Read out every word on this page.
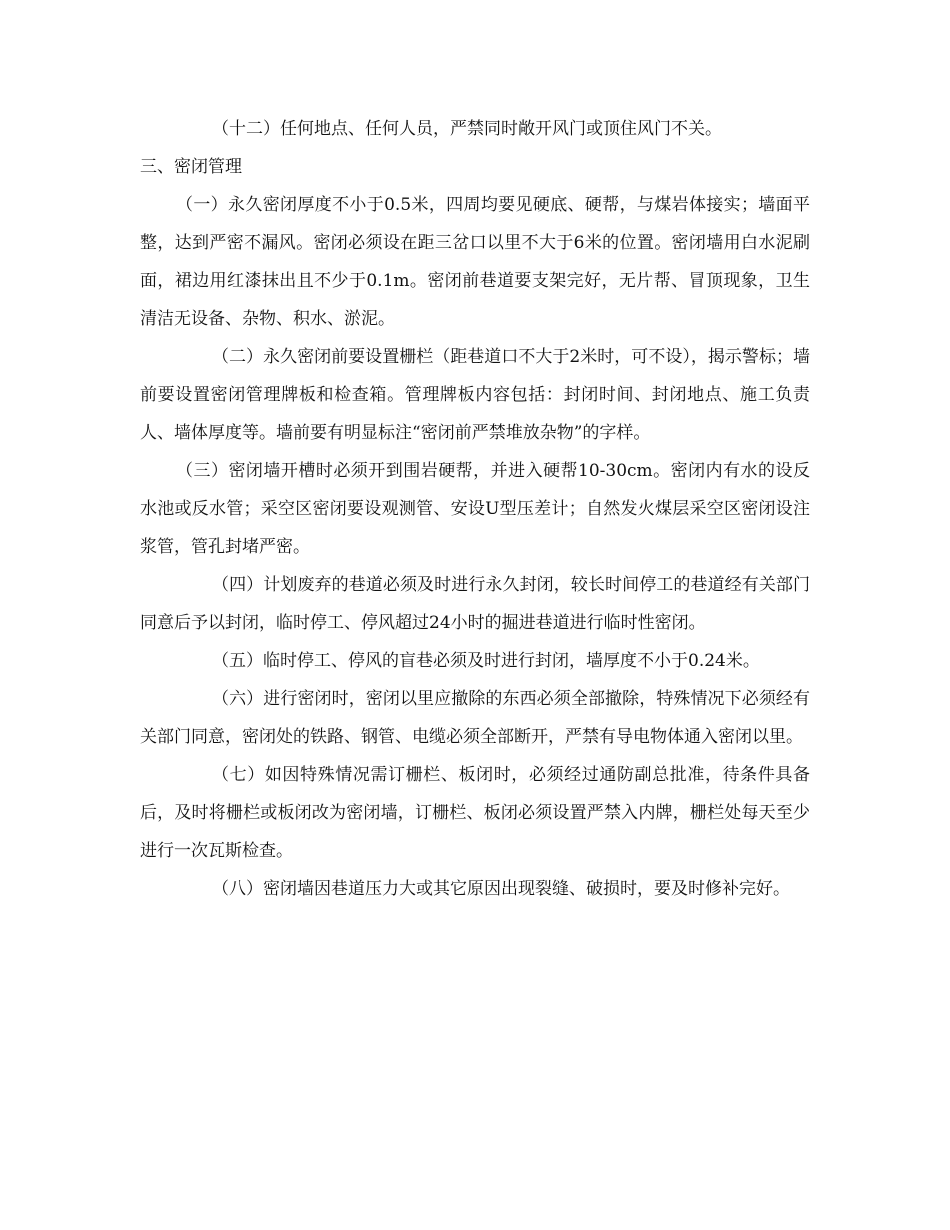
（十二）任何地点、任何人员，严禁同时敞开风门或顶住风门不关。

三、密闭管理

（一）永久密闭厚度不小于0.5米，四周均要见硬底、硬帮，与煤岩体接实；墙面平整，达到严密不漏风。密闭必须设在距三岔口以里不大于6米的位置。密闭墙用白水泥刷面，裙边用红漆抹出且不少于0.1m。密闭前巷道要支架完好，无片帮、冒顶现象，卫生清洁无设备、杂物、积水、淤泥。

（二）永久密闭前要设置栅栏（距巷道口不大于2米时，可不设），揭示警标；墙前要设置密闭管理牌板和检查箱。管理牌板内容包括：封闭时间、封闭地点、施工负责人、墙体厚度等。墙前要有明显标注“密闭前严禁堆放杂物”的字样。

（三）密闭墙开槽时必须开到围岩硬帮，并进入硬帮10-30cm。密闭内有水的设反水池或反水管；采空区密闭要设观测管、安设U型压差计；自然发火煤层采空区密闭设注浆管，管孔封堵严密。

（四）计划废弃的巷道必须及时进行永久封闭，较长时间停工的巷道经有关部门同意后予以封闭，临时停工、停风超过24小时的掘进巷道进行临时性密闭。

（五）临时停工、停风的盲巷必须及时进行封闭，墙厚度不小于0.24米。

（六）进行密闭时，密闭以里应撤除的东西必须全部撤除，特殊情况下必须经有关部门同意，密闭处的铁路、钢管、电缆必须全部断开，严禁有导电物体通入密闭以里。

（七）如因特殊情况需订栅栏、板闭时，必须经过通防副总批准，待条件具备后，及时将栅栏或板闭改为密闭墙，订栅栏、板闭必须设置严禁入内牌，栅栏处每天至少进行一次瓦斯检查。

（八）密闭墙因巷道压力大或其它原因出现裂缝、破损时，要及时修补完好。
